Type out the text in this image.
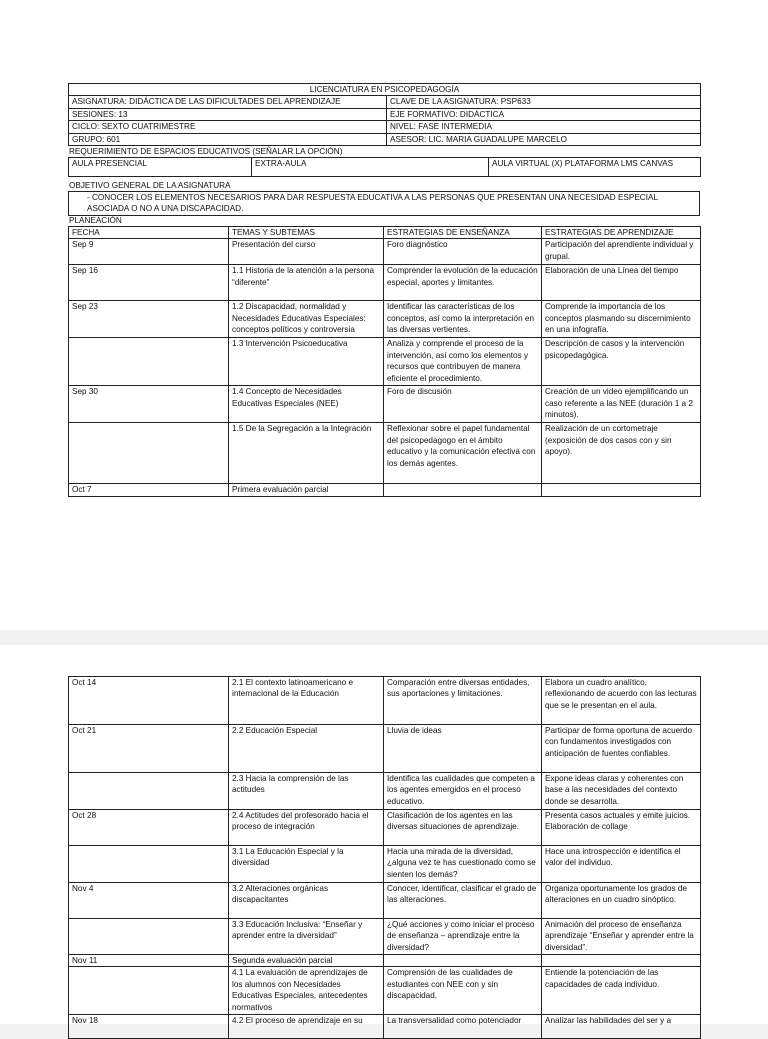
LICENCIATURA EN PSICOPEDAGOGÍA	
ASIGNATURA: DIDÁCTICA DE LAS DIFICULTADES DEL APRENDIZAJE	CLAVE DE LA ASIGNATURA: PSP633
SESIONES: 13	EJE FORMATIVO: DIDÁCTICA
CICLO: SEXTO CUATRIMESTRE	NIVEL: FASE INTERMEDIA
GRUPO: 601	ASESOR: LIC. MARIA GUADALUPE MARCELO
REQUERIMIENTO DE ESPACIOS EDUCATIVOS (SEÑALAR LA OPCIÓN)
AULA PRESENCIAL	EXTRA-AULA	AULA VIRTUAL (X) PLATAFORMA LMS CANVAS
OBJETIVO GENERAL DE LA ASIGNATURA
- CONOCER LOS ELEMENTOS NECESARIOS PARA DAR RESPUESTA EDUCATIVA A LAS PERSONAS QUE PRESENTAN UNA NECESIDAD ESPECIAL ASOCIADA O NO A UNA DISCAPACIDAD.
PLANEACIÓN
FECHA	TEMAS Y SUBTEMAS	ESTRATEGIAS DE ENSEÑANZA	ESTRATEGIAS DE APRENDIZAJE
Sep 9	Presentación del curso	Foro diagnóstico	Participación del aprendiente individual y grupal.
Sep 16	1.1 Historia de la atención a la persona “diferente”	Comprender la evolución de la educación especial, aportes y limitantes.	Elaboración de una Línea del tiempo
Sep 23	1.2 Discapacidad, normalidad y Necesidades Educativas Especiales: conceptos políticos y controversia	Identificar las características de los conceptos, así como la interpretación en las diversas vertientes.	Comprende la importancia de los conceptos plasmando su discernimiento en una infografía.
	1.3 Intervención Psicoeducativa	Analiza y comprende el proceso de la intervención, así como los elementos y recursos que contribuyen de manera eficiente el procedimiento.	Descripción de casos y la intervención psicopedagógica.
Sep 30	1.4 Concepto de Necesidades Educativas Especiales (NEE)	Foro de discusión	Creación de un video ejemplificando un caso referente a las NEE (duración 1 a 2 minutos).
	1.5 De la Segregación a la Integración	Reflexionar sobre el papel fundamental del psicopedagogo en el ámbito educativo y la comunicación efectiva con los demás agentes.	Realización de un cortometraje (exposición de dos casos con y sin apoyo).
Oct 7	Primera evaluación parcial		
Oct 14	2.1 El contexto latinoamericano e internacional de la Educación	Comparación entre diversas entidades, sus aportaciones y limitaciones.	Elabora un cuadro analítico, reflexionando de acuerdo con las lecturas que se le presentan en el aula.
Oct 21	2.2 Educación Especial	Lluvia de ideas	Participar de forma oportuna de acuerdo con fundamentos investigados con anticipación de fuentes confiables.
	2.3 Hacia la comprensión de las actitudes	Identifica las cualidades que competen a los agentes emergidos en el proceso educativo.	Expone ideas claras y coherentes con base a las necesidades del contexto donde se desarrolla.
Oct 28	2.4 Actitudes del profesorado hacia el proceso de integración	Clasificación de los agentes en las diversas situaciones de aprendizaje.	Presenta casos actuales y emite juicios.
Elaboración de collage
	3.1 La Educación Especial y la diversidad	Hacia una mirada de la diversidad, ¿alguna vez te has cuestionado como se sienten los demás?	Hace una introspección e identifica el valor del individuo.
Nov 4	3.2 Alteraciones orgánicas discapacitantes	Conocer, identificar, clasificar el grado de las alteraciones.	Organiza oportunamente los grados de alteraciones en un cuadro sinóptico.
	3.3 Educación Inclusiva: “Enseñar y aprender entre la diversidad”	¿Qué acciones y como iniciar el proceso de enseñanza – aprendizaje entre la diversidad?	Animación del proceso de enseñanza aprendizaje “Enseñar y aprender entre la diversidad”.
Nov 11	Segunda evaluación parcial		
	4.1 La evaluación de aprendizajes de los alumnos con Necesidades Educativas Especiales, antecedentes normativos	Comprensión de las cualidades de estudiantes con NEE con y sin discapacidad.	Entiende la potenciación de las capacidades de cada individuo.
Nov 18	4.2 El proceso de aprendizaje en su	La transversalidad como potenciador	Analizar las habilidades del ser y a
